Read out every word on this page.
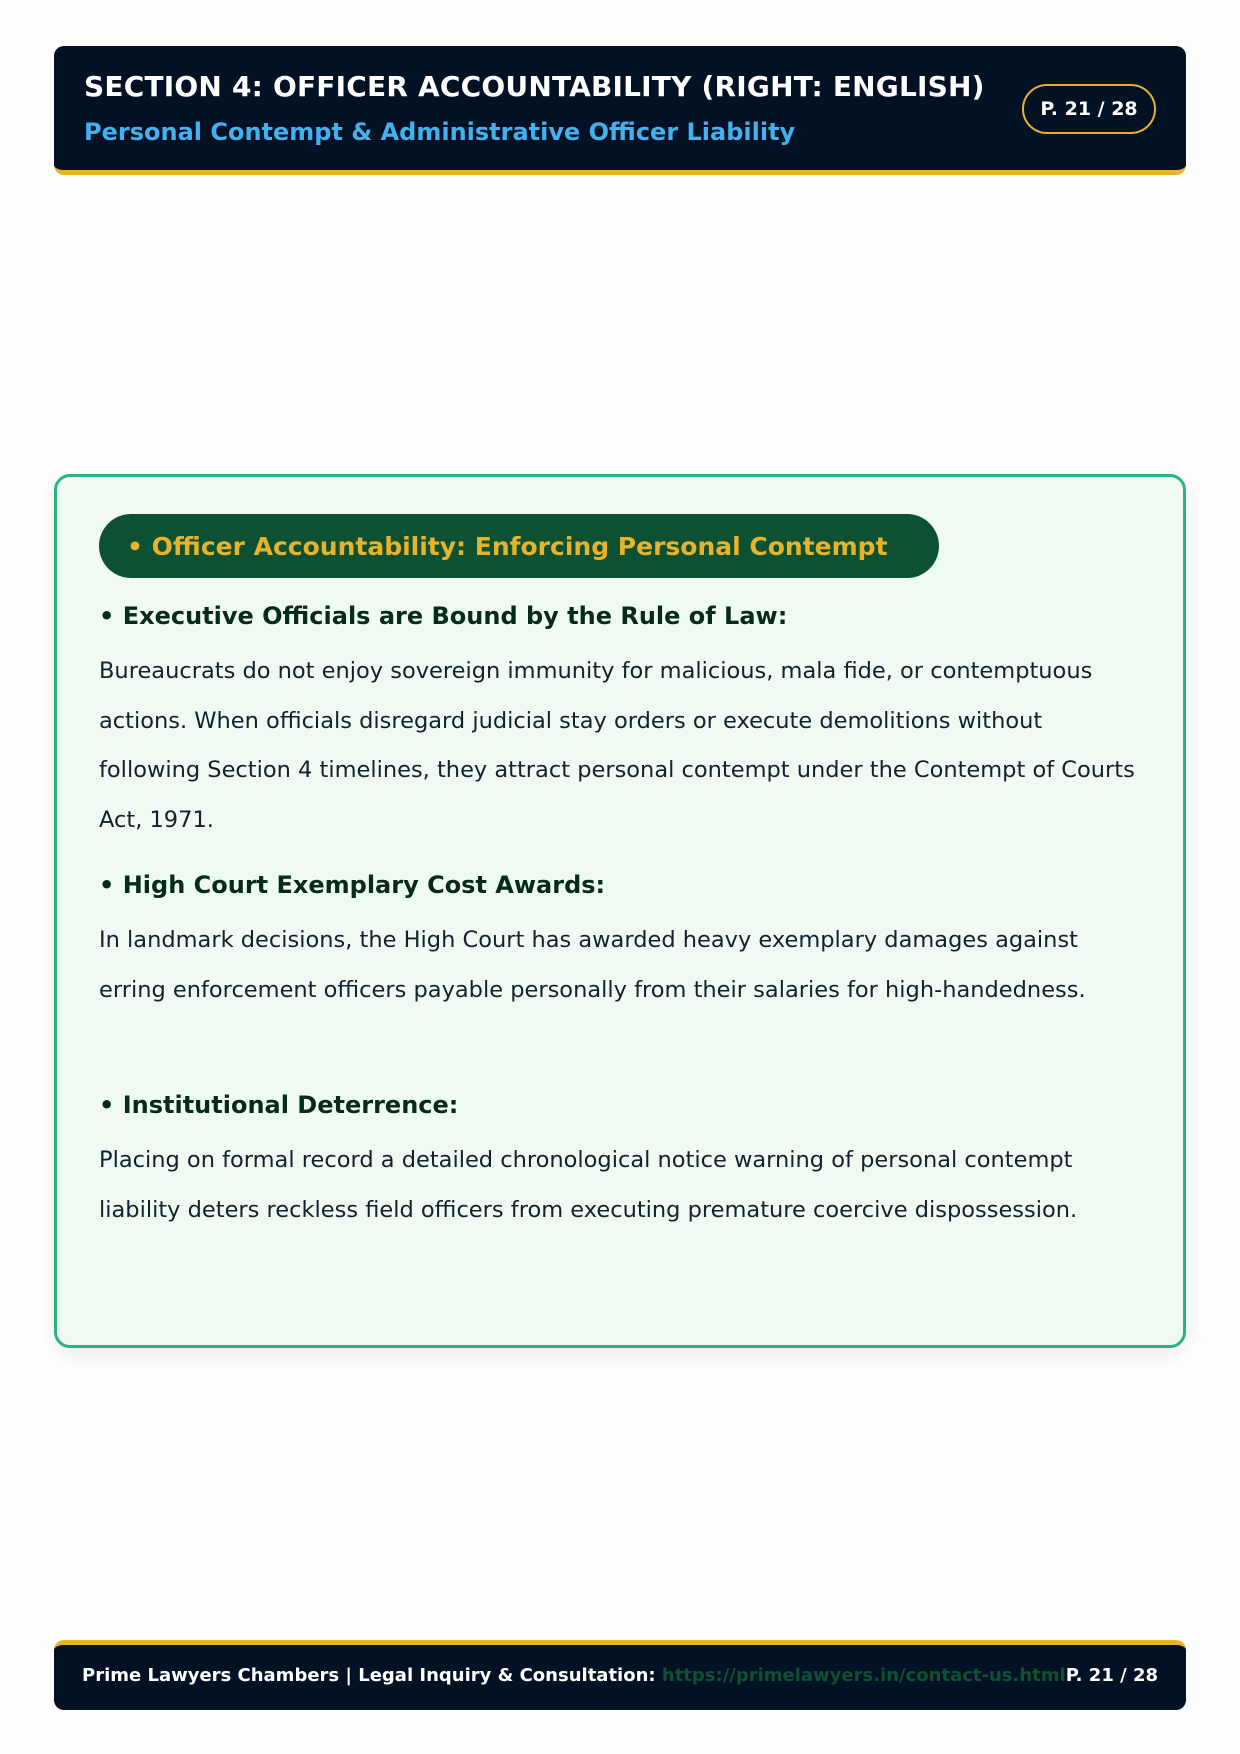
SECTION 4: OFFICER ACCOUNTABILITY (RIGHT: ENGLISH)
Personal Contempt & Administrative Officer Liability
P. 21 / 28
• Officer Accountability: Enforcing Personal Contempt
• Executive Officials are Bound by the Rule of Law:
Bureaucrats do not enjoy sovereign immunity for malicious, mala fide, or contemptuous actions. When officials disregard judicial stay orders or execute demolitions without following Section 4 timelines, they attract personal contempt under the Contempt of Courts Act, 1971.
• High Court Exemplary Cost Awards:
In landmark decisions, the High Court has awarded heavy exemplary damages against erring enforcement officers payable personally from their salaries for high-handedness.
• Institutional Deterrence:
Placing on formal record a detailed chronological notice warning of personal contempt liability deters reckless field officers from executing premature coercive dispossession.
Prime Lawyers Chambers | Legal Inquiry & Consultation: https://primelawyers.in/contact-us.html P. 21 / 28
